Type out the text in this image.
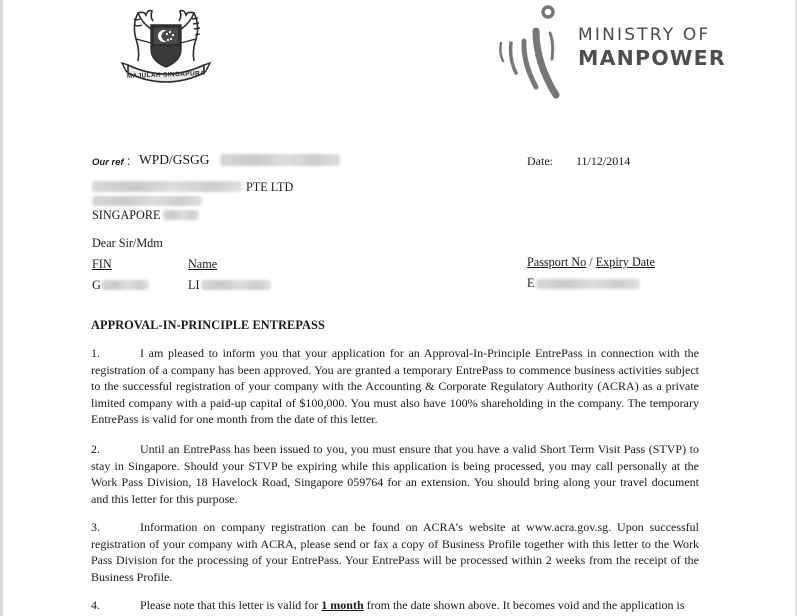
MAJULAH SINGAPURA
MINISTRY OF
MANPOWER
Our ref : WPD/GSGG	Date: 11/12/2014
PTE LTD
SINGAPORE
Dear Sir/Mdm
FIN	Name	Passport No / Expiry Date
G	LI	E
APPROVAL-IN-PRINCIPLE ENTREPASS
1.	I am pleased to inform you that your application for an Approval-In-Principle EntrePass in connection with the registration of a company has been approved. You are granted a temporary EntrePass to commence business activities subject to the successful registration of your company with the Accounting & Corporate Regulatory Authority (ACRA) as a private limited company with a paid-up capital of $100,000. You must also have 100% shareholding in the company. The temporary EntrePass is valid for one month from the date of this letter.
2.	Until an EntrePass has been issued to you, you must ensure that you have a valid Short Term Visit Pass (STVP) to stay in Singapore. Should your STVP be expiring while this application is being processed, you may call personally at the Work Pass Division, 18 Havelock Road, Singapore 059764 for an extension. You should bring along your travel document and this letter for this purpose.
3.	Information on company registration can be found on ACRA’s website at www.acra.gov.sg. Upon successful registration of your company with ACRA, please send or fax a copy of Business Profile together with this letter to the Work Pass Division for the processing of your EntrePass. Your EntrePass will be processed within 2 weeks from the receipt of the Business Profile.
4.	Please note that this letter is valid for 1 month from the date shown above. It becomes void and the application is
